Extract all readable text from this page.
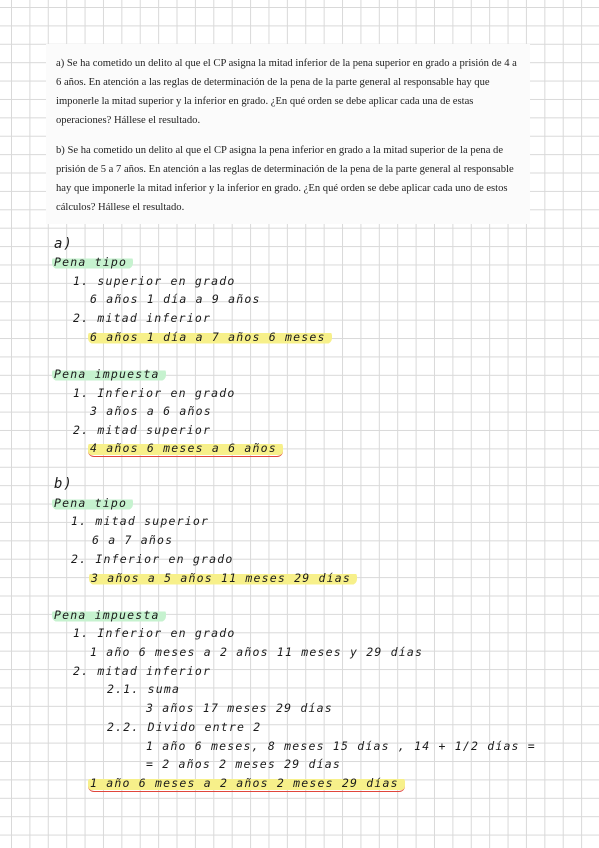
a) Se ha cometido un delito al que el CP asigna la mitad inferior de la pena superior en grado a prisión de 4 a 6 años. En atención a las reglas de determinación de la pena de la parte general al responsable hay que imponerle la mitad superior y la inferior en grado. ¿En qué orden se debe aplicar cada una de estas operaciones? Hállese el resultado.

b) Se ha cometido un delito al que el CP asigna la pena inferior en grado a la mitad superior de la pena de prisión de 5 a 7 años. En atención a las reglas de determinación de la pena de la parte general al responsable hay que imponerle la mitad inferior y la inferior en grado. ¿En qué orden se debe aplicar cada uno de estos cálculos? Hállese el resultado.

a)
Pena tipo
1. superior en grado
6 años 1 día a 9 años
2. mitad inferior
6 años 1 día a 7 años 6 meses
Pena impuesta
1. Inferior en grado
3 años a 6 años
2. mitad superior
4 años 6 meses a 6 años
b)
Pena tipo
1. mitad superior
6 a 7 años
2. Inferior en grado
3 años a 5 años 11 meses 29 días
Pena impuesta
1. Inferior en grado
1 año 6 meses a 2 años 11 meses y 29 días
2. mitad inferior
2.1. suma
3 años 17 meses 29 días
2.2. Divido entre 2
1 año 6 meses, 8 meses 15 días , 14 + 1/2 días =
= 2 años 2 meses 29 días
1 año 6 meses a 2 años 2 meses 29 días
